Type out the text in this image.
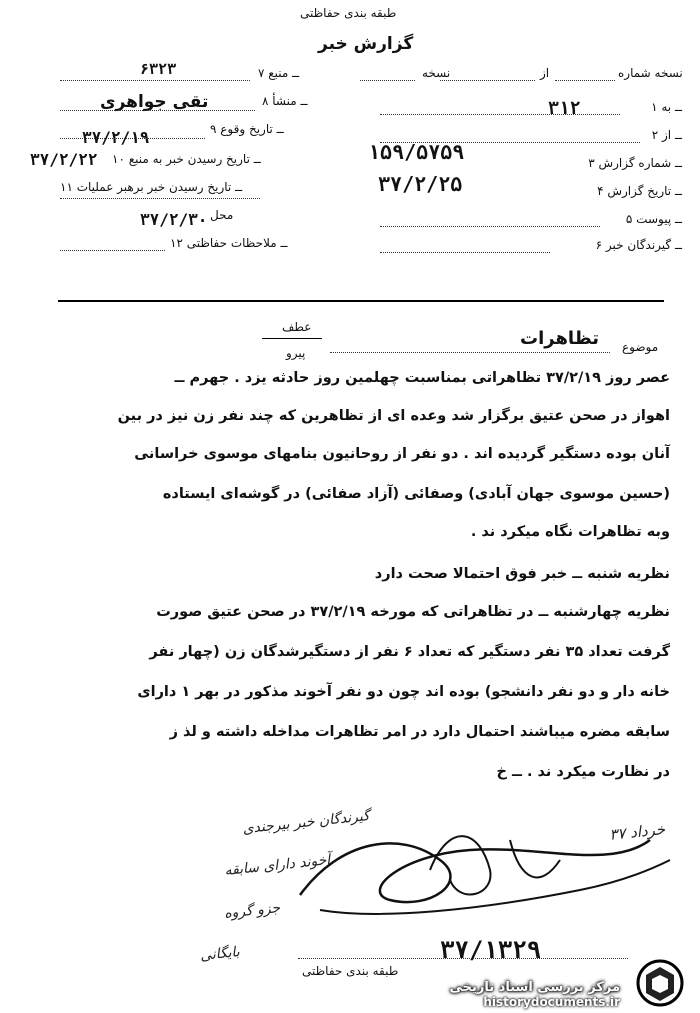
طبقه بندی حفاظتی
گزارش خبر
نسخه شماره
از
نسخه
۱ ــ به
۳۱۲
۲ ــ از
۳ ــ شماره گزارش
۱۵۹/۵۷۵۹
۴ ــ تاریخ گزارش
۳۷/۲/۲۵
۵ ــ پیوست
۶ ــ گیرندگان خبر
۷ ــ منبع
۶۳۲۳
۸ ــ منشأ
تقی جواهری
۹ ــ تاریخ وقوع
۳۷/۲/۱۹
۱۰ ــ تاریخ رسیدن خبر به منبع
۳۷/۲/۲۲
۱۱ ــ تاریخ رسیدن خبر برهبر عملیات
محل
۳۷/۲/۳۰
۱۲ ــ ملاحظات حفاظتی
موضوع
تظاهرات
عطف
پیرو
عصر روز ۳۷/۲/۱۹ تظاهراتی بمناسبت چهلمین روز حادثه یزد . جهرم ــ
اهواز در صحن عتیق برگزار شد وعده ای از تظاهرین که چند نفر زن نیز در بین
آنان بوده دستگیر گردیده اند . دو نفر از روحانیون بنامهای موسوی خراسانی
(حسین موسوی جهان آبادی) وصفائی (آزاد صفائی) در گوشه‌ای ایستاده
وبه تظاهرات نگاه میکرد ند .
نظریه شنبه ــ خبر فوق احتمالا صحت دارد
نظریه چهارشنبه ــ در تظاهراتی که مورخه ۳۷/۲/۱۹ در صحن عتیق صورت
گرفت تعداد ۳۵ نفر دستگیر که تعداد ۶ نفر از دستگیرشدگان زن (چهار نفر
خانه دار و دو نفر دانشجو) بوده اند چون دو نفر آخوند مذکور در بهر ۱ دارای
سابقه مضره میباشند احتمال دارد در امر تظاهرات مداخله داشته و لذ ز
در نظارت میکرد ند . ــ خ
گیرندگان خبر بیرجندی
آخوند دارای سابقه
جزو گروه
بایگانی
خرداد ۳۷
۳۷/۱۳۲۹
طبقه بندی حفاظتی
مرکز بررسی اسناد تاریخی
historydocuments.ir
